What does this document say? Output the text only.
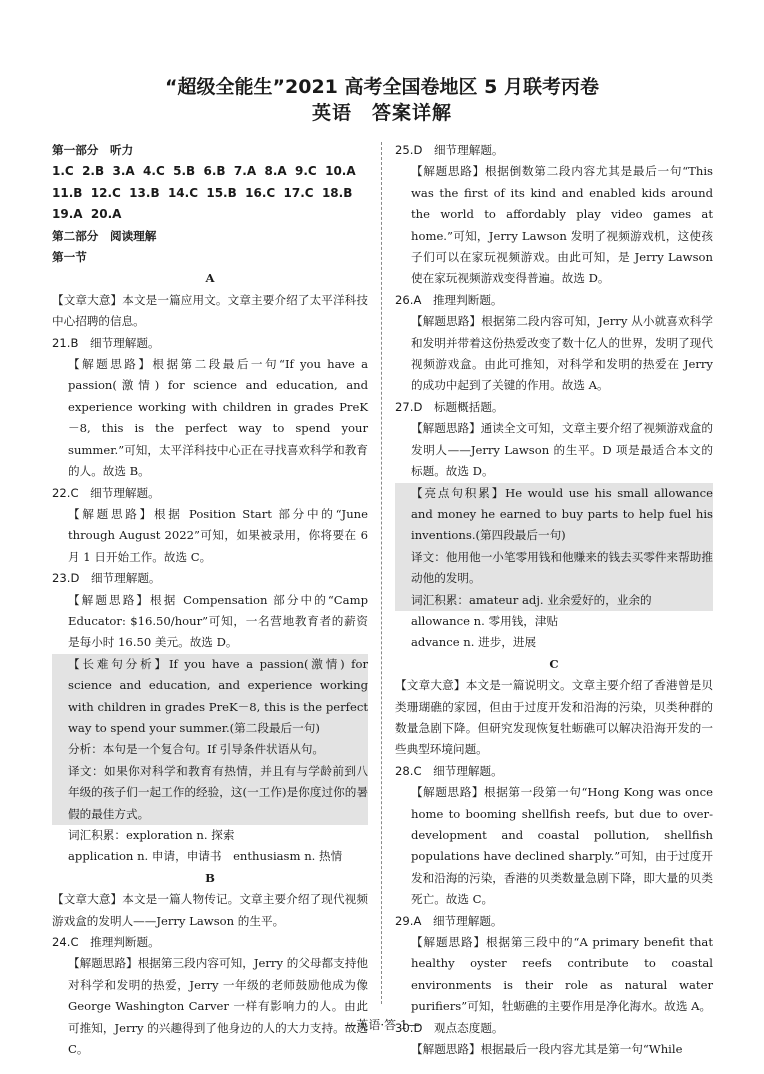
“超级全能生”2021 高考全国卷地区 5 月联考丙卷
英语　答案详解
第一部分　听力
1.C  2.B  3.A  4.C  5.B  6.B  7.A  8.A  9.C  10.A
11.B  12.C  13.B  14.C  15.B  16.C  17.C  18.B
19.A  20.A
第二部分　阅读理解
第一节
A
【文章大意】本文是一篇应用文。文章主要介绍了太平洋科技中心招聘的信息。
21.B　细节理解题。
【解题思路】根据第二段最后一句“If you have a passion(激情) for science and education, and experience working with children in grades PreK－8, this is the perfect way to spend your summer.”可知，太平洋科技中心正在寻找喜欢科学和教育的人。故选 B。
22.C　细节理解题。
【解题思路】根据 Position Start 部分中的“June through August 2022”可知，如果被录用，你将要在 6 月 1 日开始工作。故选 C。
23.D　细节理解题。
【解题思路】根据 Compensation 部分中的“Camp Educator: $16.50/hour”可知，一名营地教育者的薪资是每小时 16.50 美元。故选 D。
【长难句分析】If you have a passion(激情) for science and education, and experience working with children in grades PreK－8, this is the perfect way to spend your summer.(第二段最后一句)
分析：本句是一个复合句。If 引导条件状语从句。
译文：如果你对科学和教育有热情，并且有与学龄前到八年级的孩子们一起工作的经验，这(一工作)是你度过你的暑假的最佳方式。
词汇积累：exploration n. 探索
application n. 申请，申请书　enthusiasm n. 热情
B
【文章大意】本文是一篇人物传记。文章主要介绍了现代视频游戏盒的发明人——Jerry Lawson 的生平。
24.C　推理判断题。
【解题思路】根据第三段内容可知，Jerry 的父母都支持他对科学和发明的热爱，Jerry 一年级的老师鼓励他成为像 George Washington Carver 一样有影响力的人。由此可推知，Jerry 的兴趣得到了他身边的人的大力支持。故选 C。
25.D　细节理解题。
【解题思路】根据倒数第二段内容尤其是最后一句“This was the first of its kind and enabled kids around the world to affordably play video games at home.”可知，Jerry Lawson 发明了视频游戏机，这使孩子们可以在家玩视频游戏。由此可知，是 Jerry Lawson 使在家玩视频游戏变得普遍。故选 D。
26.A　推理判断题。
【解题思路】根据第二段内容可知，Jerry 从小就喜欢科学和发明并带着这份热爱改变了数十亿人的世界，发明了现代视频游戏盒。由此可推知，对科学和发明的热爱在 Jerry 的成功中起到了关键的作用。故选 A。
27.D　标题概括题。
【解题思路】通读全文可知，文章主要介绍了视频游戏盒的发明人——Jerry Lawson 的生平。D 项是最适合本文的标题。故选 D。
【亮点句积累】He would use his small allowance and money he earned to buy parts to help fuel his inventions.(第四段最后一句)
译文：他用他一小笔零用钱和他赚来的钱去买零件来帮助推动他的发明。
词汇积累：amateur adj. 业余爱好的，业余的
allowance n. 零用钱，津贴
advance n. 进步，进展
C
【文章大意】本文是一篇说明文。文章主要介绍了香港曾是贝类珊瑚礁的家园，但由于过度开发和沿海的污染，贝类种群的数量急剧下降。但研究发现恢复牡蛎礁可以解决沿海开发的一些典型环境问题。
28.C　细节理解题。
【解题思路】根据第一段第一句“Hong Kong was once home to booming shellfish reefs, but due to over-development and coastal pollution, shellfish populations have declined sharply.”可知，由于过度开发和沿海的污染，香港的贝类数量急剧下降，即大量的贝类死亡。故选 C。
29.A　细节理解题。
【解题思路】根据第三段中的“A primary benefit that healthy oyster reefs contribute to coastal environments is their role as natural water purifiers”可知，牡蛎礁的主要作用是净化海水。故选 A。
30.D　观点态度题。
【解题思路】根据最后一段内容尤其是第一句“While
—英语·答 1—
